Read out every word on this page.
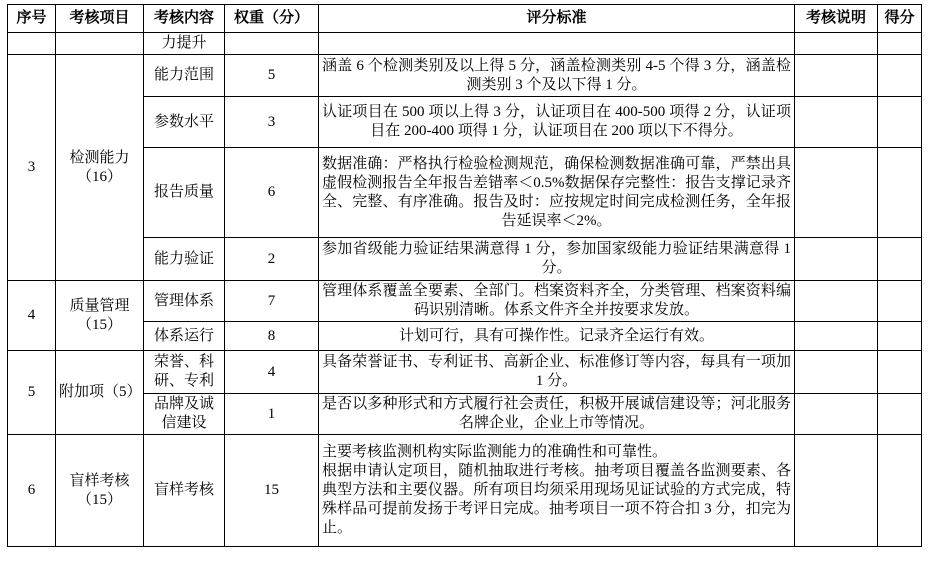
序号	考核项目	考核内容	权重（分）	评分标准	考核说明	得分
		力提升				
3	检测能力（16）	能力范围	5	涵盖 6 个检测类别及以上得 5 分，涵盖检测类别 4-5 个得 3 分，涵盖检测类别 3 个及以下得 1 分。		
		参数水平	3	认证项目在 500 项以上得 3 分，认证项目在 400-500 项得 2 分，认证项目在 200-400 项得 1 分，认证项目在 200 项以下不得分。		
		报告质量	6	数据准确：严格执行检验检测规范，确保检测数据准确可靠，严禁出具虚假检测报告全年报告差错率＜0.5%数据保存完整性：报告支撑记录齐全、完整、有序准确。报告及时：应按规定时间完成检测任务，全年报告延误率＜2%。		
		能力验证	2	参加省级能力验证结果满意得 1 分，参加国家级能力验证结果满意得 1 分。		
4	质量管理（15）	管理体系	7	管理体系覆盖全要素、全部门。档案资料齐全，分类管理、档案资料编码识别清晰。体系文件齐全并按要求发放。		
		体系运行	8	计划可行，具有可操作性。记录齐全运行有效。		
5	附加项（5）	荣誉、科研、专利	4	具备荣誉证书、专利证书、高新企业、标准修订等内容，每具有一项加 1 分。		
		品牌及诚信建设	1	是否以多种形式和方式履行社会责任，积极开展诚信建设等；河北服务名牌企业，企业上市等情况。		
6	盲样考核（15）	盲样考核	15	主要考核监测机构实际监测能力的准确性和可靠性。
根据申请认定项目，随机抽取进行考核。抽考项目覆盖各监测要素、各典型方法和主要仪器。所有项目均须采用现场见证试验的方式完成，特殊样品可提前发扬于考评日完成。抽考项目一项不符合扣 3 分，扣完为止。		
